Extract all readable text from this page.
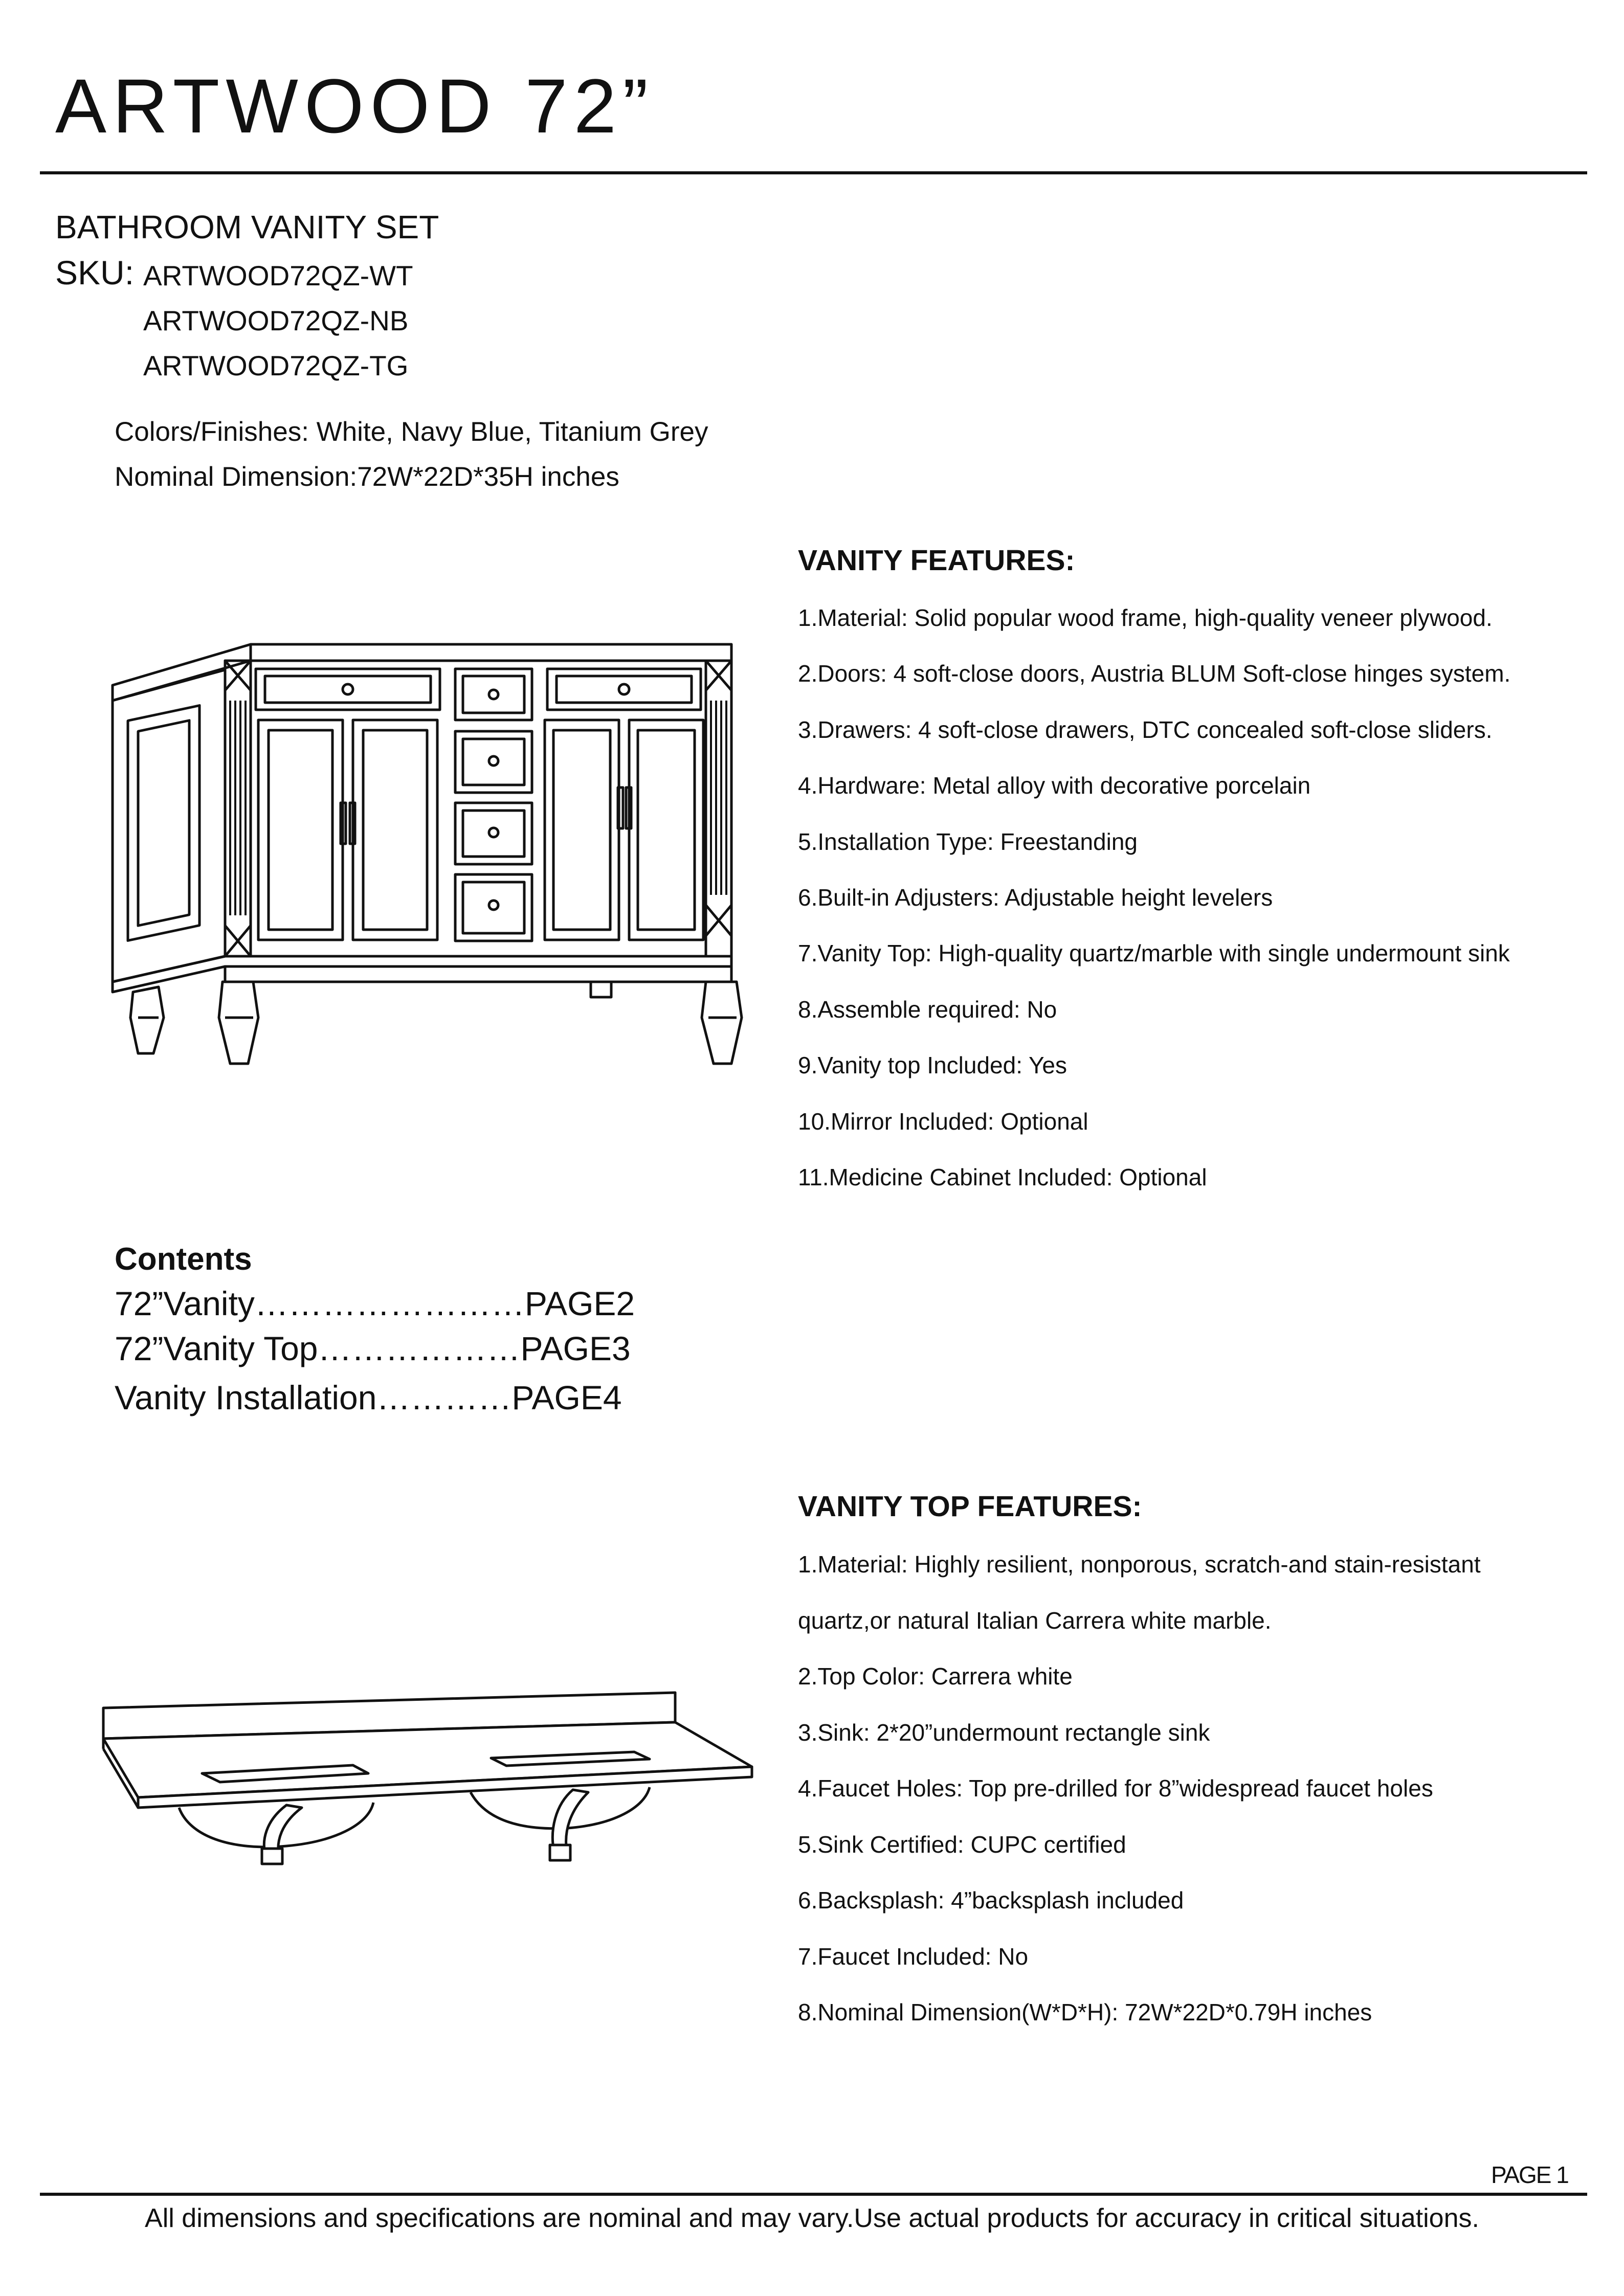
ARTWOOD 72”
BATHROOM VANITY SET
SKU: ARTWOOD72QZ-WT
ARTWOOD72QZ-NB
ARTWOOD72QZ-TG
Colors/Finishes: White, Navy Blue, Titanium Grey
Nominal Dimension:72W*22D*35H inches
VANITY FEATURES:
1.Material: Solid popular wood frame, high-quality veneer plywood.
2.Doors: 4 soft-close doors, Austria BLUM Soft-close hinges system.
3.Drawers: 4 soft-close drawers, DTC concealed soft-close sliders.
4.Hardware: Metal alloy with decorative porcelain
5.Installation Type: Freestanding
6.Built-in Adjusters: Adjustable height levelers
7.Vanity Top: High-quality quartz/marble with single undermount sink
8.Assemble required: No
9.Vanity top Included: Yes
10.Mirror Included: Optional
11.Medicine Cabinet Included: Optional
Contents
72”Vanity……………………PAGE2
72”Vanity Top………………PAGE3
Vanity Installation…………PAGE4
VANITY TOP FEATURES:
1.Material: Highly resilient, nonporous, scratch-and stain-resistant
quartz,or natural Italian Carrera white marble.
2.Top Color: Carrera white
3.Sink: 2*20”undermount rectangle sink
4.Faucet Holes: Top pre-drilled for 8”widespread faucet holes
5.Sink Certified: CUPC certified
6.Backsplash: 4”backsplash included
7.Faucet Included: No
8.Nominal Dimension(W*D*H): 72W*22D*0.79H inches
PAGE 1
All dimensions and specifications are nominal and may vary.Use actual products for accuracy in critical situations.
